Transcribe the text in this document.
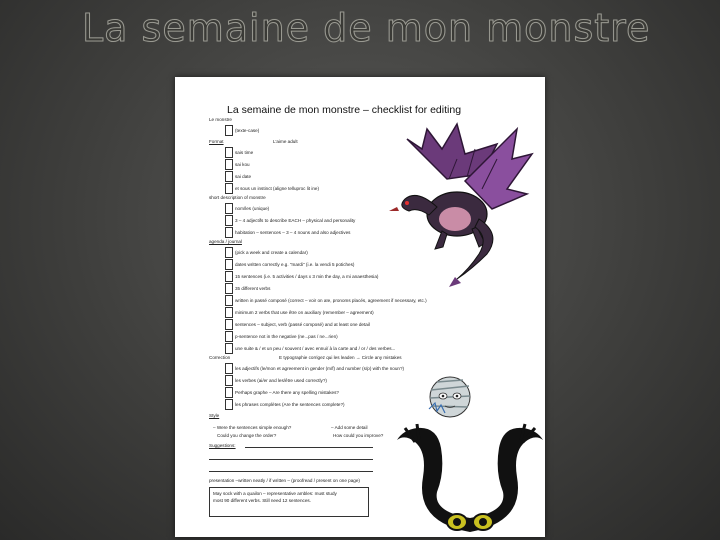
La semaine de mon monstre
La semaine de mon monstre – checklist for editing
Le monstre
(texte-case)
Format	L'aime adult
sais time
sai kou
sai date
et sous un instinct (aligne telluproc lit ine)
short description of monstre
nom/les (unique)
3 – 4 adjectifs to describe EACH – physical and personality
habitation – sentences – 3 – 4 nouns and also adjectives
agenda / journal
(pick a week and create a calendar)
dates written correctly e.g. "mardi" (i.e. la vendi 5 potiches)
15 sentences (i.e. 5 activities / days x 3 min the day, a mi anaesthesia)
35 different verbs
written in passé composé (correct – voir on aïe, pronoms placés, agreement if necessary, etc.)
minimum 2 verbs that use être on auxiliary (remember – agreement)
sentences – subject, verb (passé composé) and at least one detail
p-sentence not in the negative (ne...pas / ne...rien)
une suite & / et un peu / souvent / avec ennui/ à la carte and / or / des verbes...
Correction	E typographie corrigez qui les leaden → Circle any mistakes
les adjectifs (le/mon et agreement in gender (m/f) and number (s/p) with the noun?)
les verbes (ai/er and les/être used correctly?)
Perhaps graphe – Are there any spelling mistakes?
les phrases complètes (Are the sentences complete?)
Style
– Were the sentences simple enough?	– Add some detail
Could you change the order?	How could you improve?
Suggestions:
presentation –written neatly / if written – (proofread / present on one page)
May sock with a quailon – representative ambles: must study
most 90 different verbs. Still need 12 sentences.
